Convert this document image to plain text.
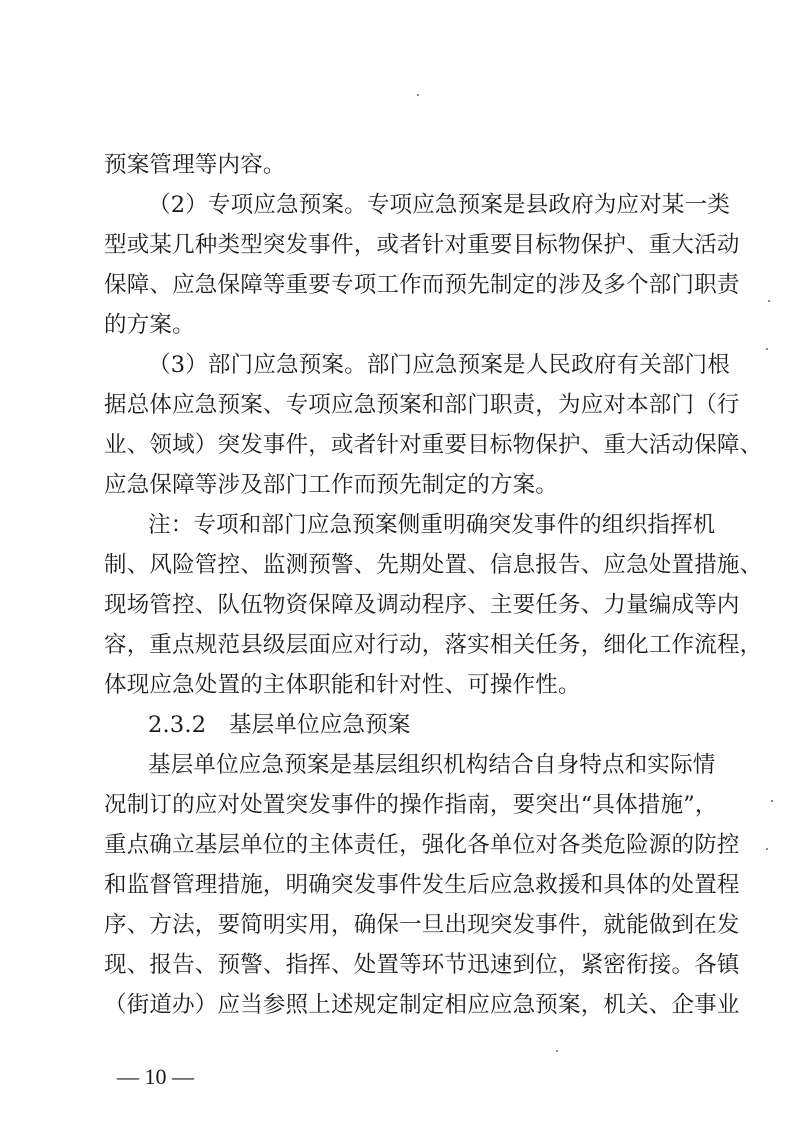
预案管理等内容。
（2）专项应急预案。专项应急预案是县政府为应对某一类
型或某几种类型突发事件，或者针对重要目标物保护、重大活动
保障、应急保障等重要专项工作而预先制定的涉及多个部门职责
的方案。
（3）部门应急预案。部门应急预案是人民政府有关部门根
据总体应急预案、专项应急预案和部门职责，为应对本部门（行
业、领域）突发事件，或者针对重要目标物保护、重大活动保障、
应急保障等涉及部门工作而预先制定的方案。
注：专项和部门应急预案侧重明确突发事件的组织指挥机
制、风险管控、监测预警、先期处置、信息报告、应急处置措施、
现场管控、队伍物资保障及调动程序、主要任务、力量编成等内
容，重点规范县级层面应对行动，落实相关任务，细化工作流程，
体现应急处置的主体职能和针对性、可操作性。
2.3.2　基层单位应急预案
基层单位应急预案是基层组织机构结合自身特点和实际情
况制订的应对处置突发事件的操作指南，要突出“具体措施”，
重点确立基层单位的主体责任，强化各单位对各类危险源的防控
和监督管理措施，明确突发事件发生后应急救援和具体的处置程
序、方法，要简明实用，确保一旦出现突发事件，就能做到在发
现、报告、预警、指挥、处置等环节迅速到位，紧密衔接。各镇
（街道办）应当参照上述规定制定相应应急预案，机关、企事业
— 10 —
